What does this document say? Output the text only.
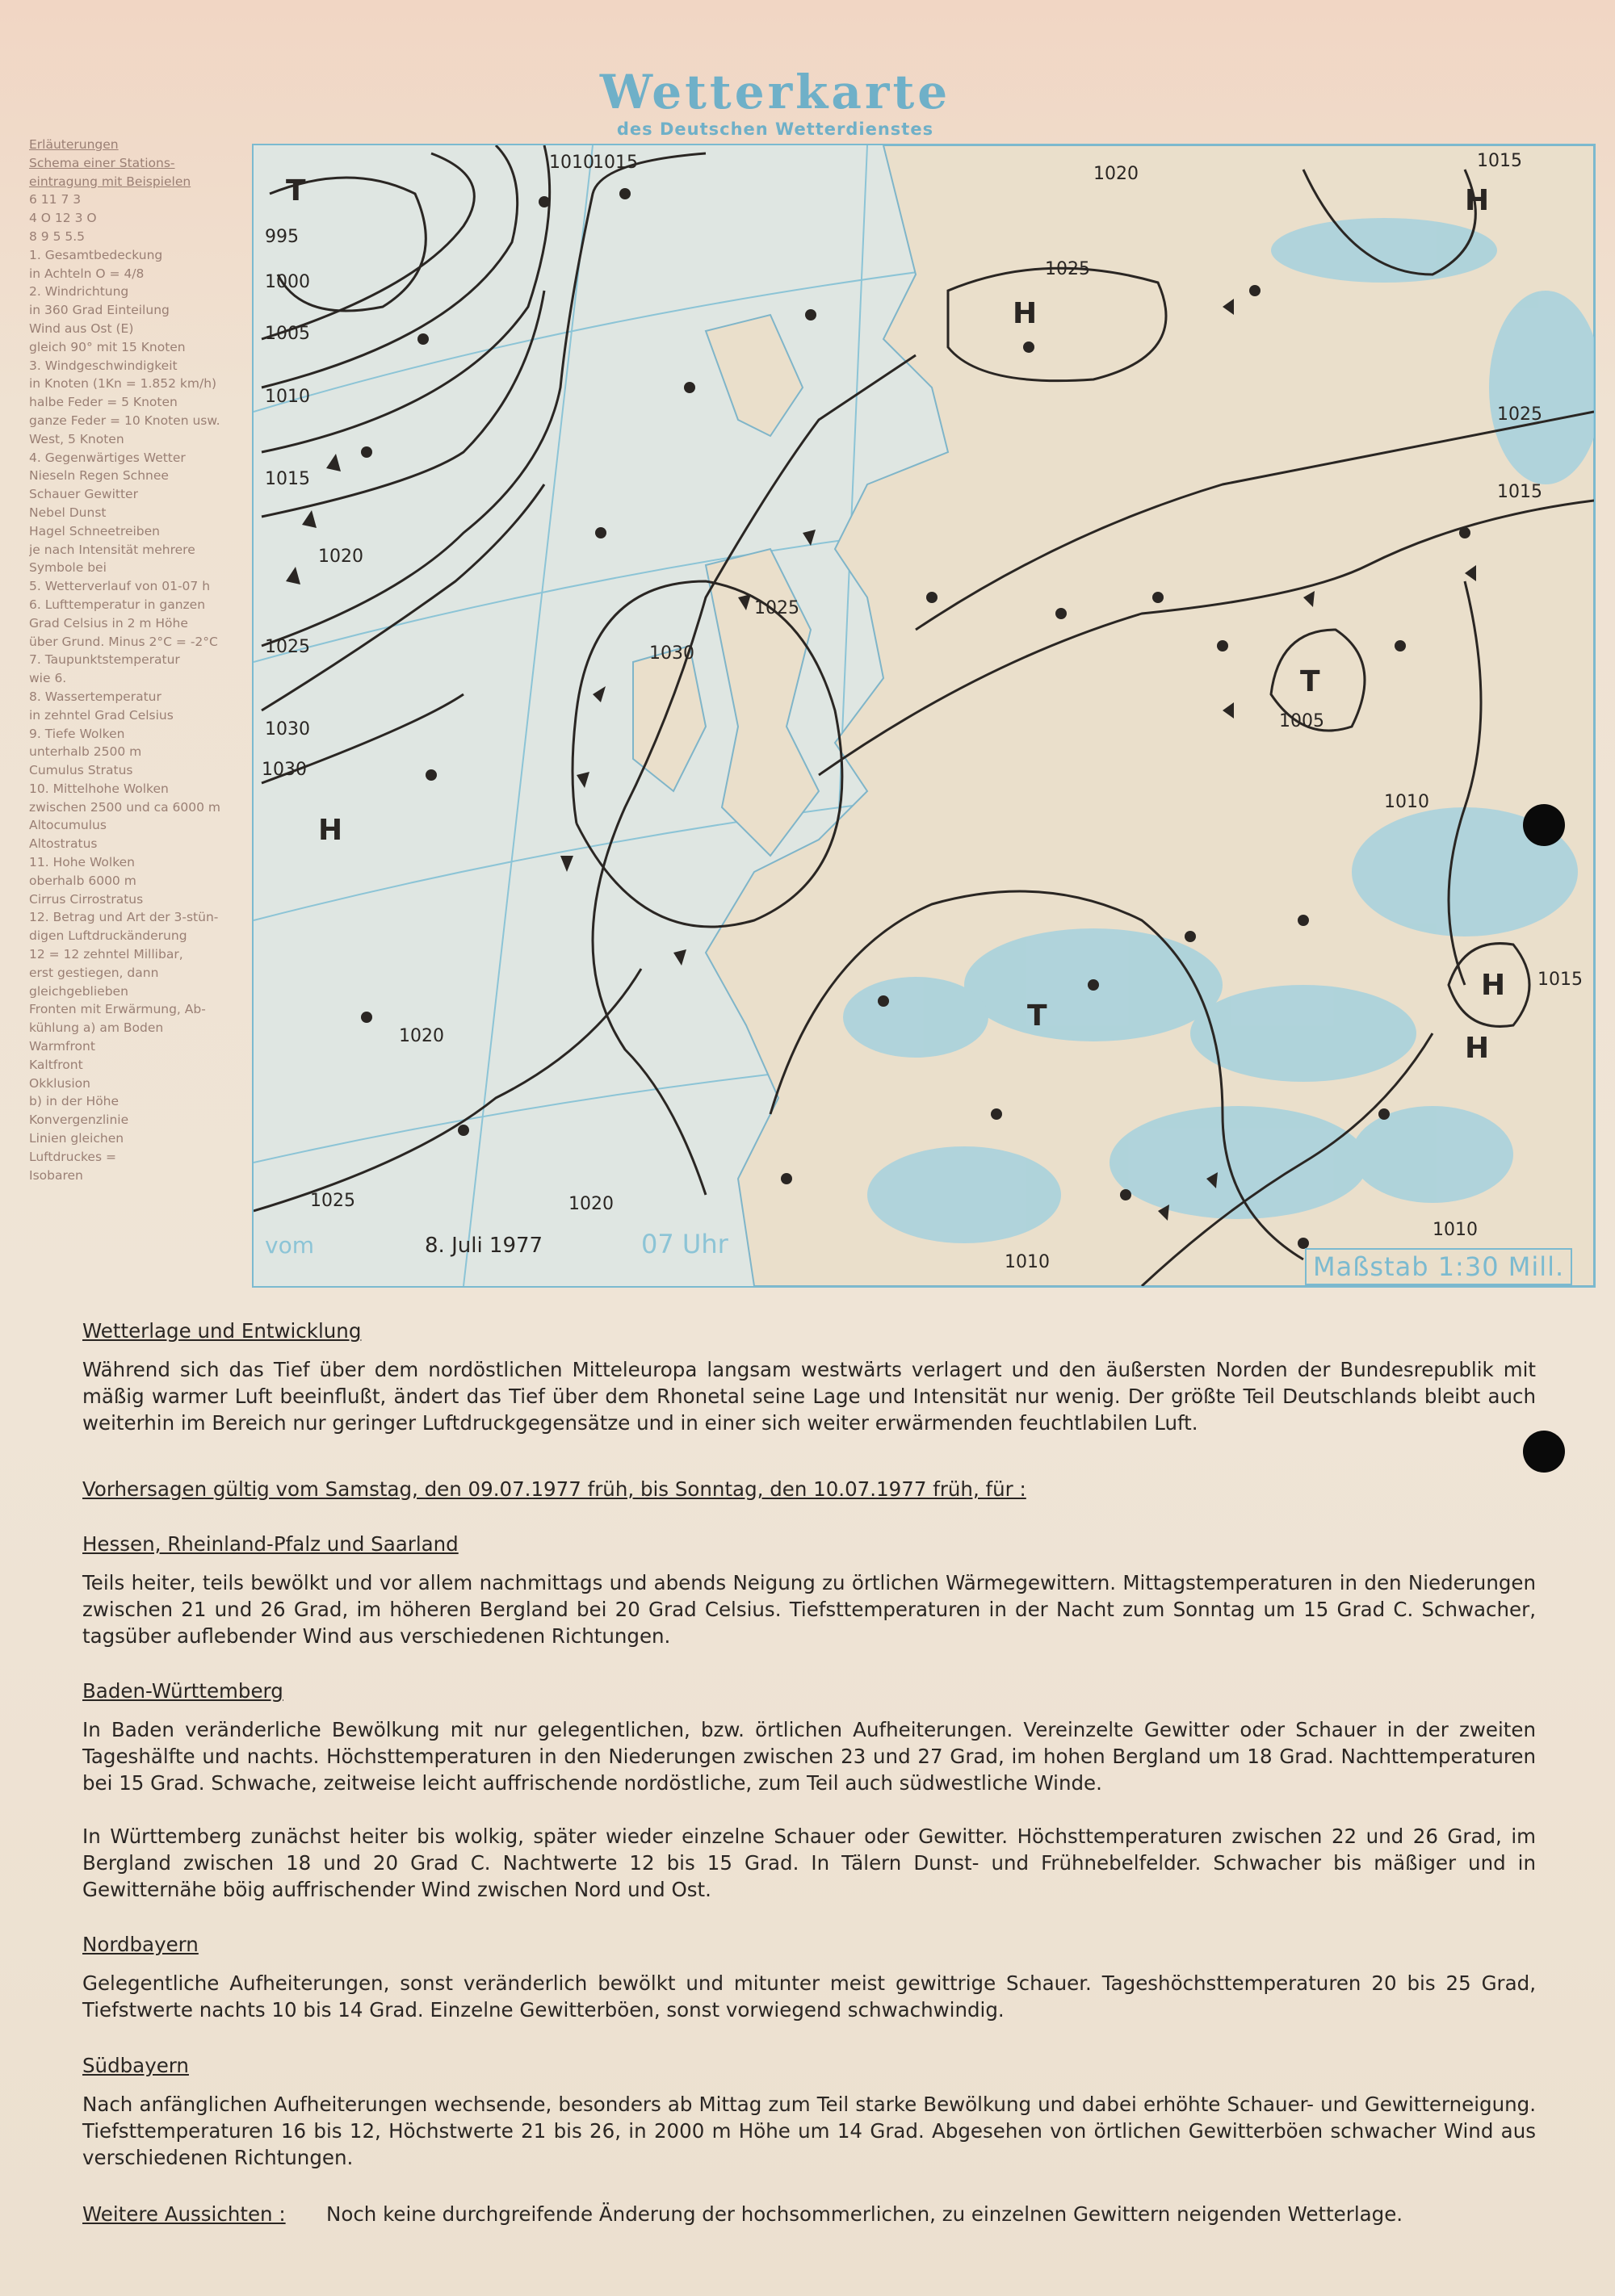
Wetterkarte
des Deutschen Wetterdienstes
Erläuterungen
Schema einer Stations-
eintragung mit Beispielen
6 11 7 3
4 O 12 3 O
8 9 5 5.5
1. Gesamtbedeckung
in Achteln O = 4/8
2. Windrichtung
in 360 Grad Einteilung
Wind aus Ost (E)
gleich 90° mit 15 Knoten
3. Windgeschwindigkeit
in Knoten (1Kn = 1.852 km/h)
halbe Feder = 5 Knoten
ganze Feder = 10 Knoten usw.
West, 5 Knoten
4. Gegenwärtiges Wetter
Nieseln Regen Schnee
Schauer Gewitter
Nebel Dunst
Hagel Schneetreiben
je nach Intensität mehrere
Symbole bei
5. Wetterverlauf von 01-07 h
6. Lufttemperatur in ganzen
Grad Celsius in 2 m Höhe
über Grund. Minus 2°C = -2°C
7. Taupunktstemperatur
wie 6.
8. Wassertemperatur
in zehntel Grad Celsius
9. Tiefe Wolken
unterhalb 2500 m
Cumulus Stratus
10. Mittelhohe Wolken
zwischen 2500 und ca 6000 m
Altocumulus
Altostratus
11. Hohe Wolken
oberhalb 6000 m
Cirrus Cirrostratus
12. Betrag und Art der 3-stün-
digen Luftdruckänderung
12 = 12 zehntel Millibar,
erst gestiegen, dann
gleichgeblieben
Fronten mit Erwärmung, Ab-
kühlung a) am Boden
Warmfront
Kaltfront
Okklusion
b) in der Höhe
Konvergenzlinie
Linien gleichen
Luftdruckes =
Isobaren
1010
1015
995
1000
1005
1010
1015
1020
1025
1030
1030
1025
1025	1020
1025
1020
1015
1010
1005
1010
1015
1015
1010
1020
1030
1025
T
H
H
H
H
T
T
H
vom	8. Juli 1977	07 Uhr
Maßstab 1:30 Mill.
Wetterlage und Entwicklung
Während sich das Tief über dem nordöstlichen Mitteleuropa langsam westwärts verlagert und den äußersten Norden der Bundesrepublik mit mäßig warmer Luft beeinflußt, ändert das Tief über dem Rhonetal seine Lage und Intensität nur wenig. Der größte Teil Deutschlands bleibt auch weiterhin im Bereich nur geringer Luftdruckgegensätze und in einer sich weiter erwärmenden feuchtlabilen Luft.
Vorhersagen gültig vom Samstag, den 09.07.1977 früh, bis Sonntag, den 10.07.1977 früh, für :
Hessen, Rheinland-Pfalz und Saarland
Teils heiter, teils bewölkt und vor allem nachmittags und abends Neigung zu örtlichen Wärmegewittern. Mittagstemperaturen in den Niederungen zwischen 21 und 26 Grad, im höheren Bergland bei 20 Grad Celsius. Tiefsttemperaturen in der Nacht zum Sonntag um 15 Grad C. Schwacher, tagsüber auflebender Wind aus verschiedenen Richtungen.
Baden-Württemberg
In Baden veränderliche Bewölkung mit nur gelegentlichen, bzw. örtlichen Aufheiterungen. Vereinzelte Gewitter oder Schauer in der zweiten Tageshälfte und nachts. Höchsttemperaturen in den Niederungen zwischen 23 und 27 Grad, im hohen Bergland um 18 Grad. Nachttemperaturen bei 15 Grad. Schwache, zeitweise leicht auffrischende nordöstliche, zum Teil auch südwestliche Winde.
In Württemberg zunächst heiter bis wolkig, später wieder einzelne Schauer oder Gewitter. Höchsttemperaturen zwischen 22 und 26 Grad, im Bergland zwischen 18 und 20 Grad C. Nachtwerte 12 bis 15 Grad. In Tälern Dunst- und Frühnebelfelder. Schwacher bis mäßiger und in Gewitternähe böig auffrischender Wind zwischen Nord und Ost.
Nordbayern
Gelegentliche Aufheiterungen, sonst veränderlich bewölkt und mitunter meist gewittrige Schauer. Tageshöchsttemperaturen 20 bis 25 Grad, Tiefstwerte nachts 10 bis 14 Grad. Einzelne Gewitterböen, sonst vorwiegend schwachwindig.
Südbayern
Nach anfänglichen Aufheiterungen wechsende, besonders ab Mittag zum Teil starke Bewölkung und dabei erhöhte Schauer- und Gewitterneigung. Tiefsttemperaturen 16 bis 12, Höchstwerte 21 bis 26, in 2000 m Höhe um 14 Grad. Abgesehen von örtlichen Gewitterböen schwacher Wind aus verschiedenen Richtungen.
Weitere Aussichten :	Noch keine durchgreifende Änderung der hochsommerlichen, zu einzelnen Gewittern neigenden Wetterlage.
